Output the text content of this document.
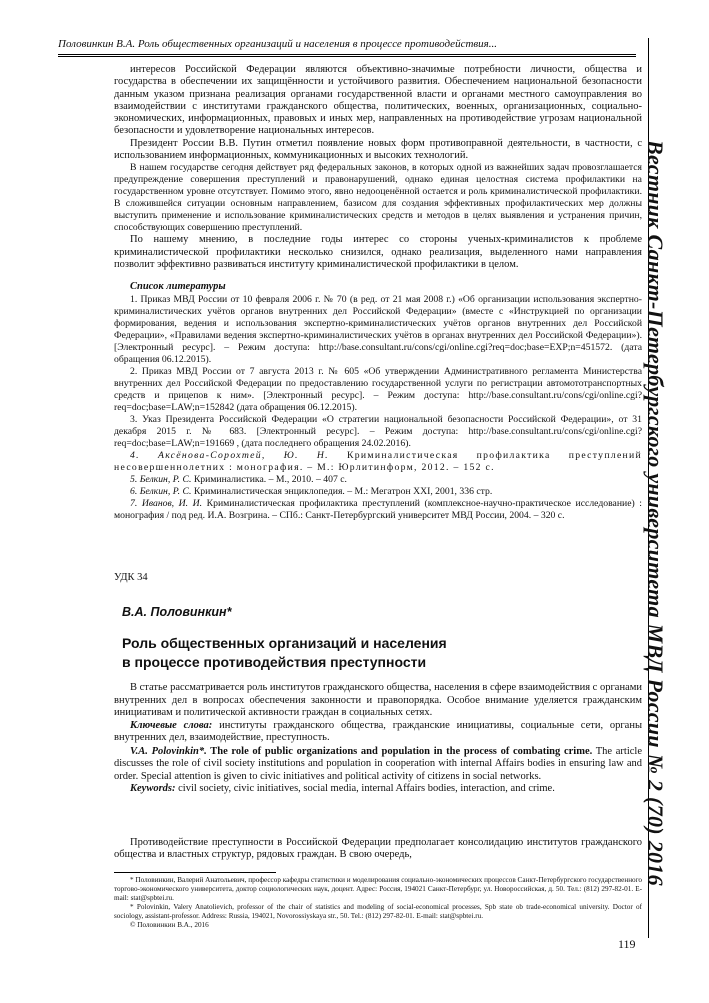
Половинкин В.А. Роль общественных организаций и населения в процессе противодействия...
Вестник Санкт-Петербургского университета МВД России № 2 (70) 2016

интересов Российской Федерации являются объективно-значимые потребности личности, общества и государства в обеспечении их защищённости и устойчивого развития. Обеспечением национальной безопасности данным указом признана реализация органами государственной власти и органами местного самоуправления во взаимодействии с институтами гражданского общества, политических, военных, организационных, социально-экономических, информационных, правовых и иных мер, направленных на противодействие угрозам национальной безопасности и удовлетворение национальных интересов.

Президент России В.В. Путин отметил появление новых форм противоправной деятельности, в частности, с использованием информационных, коммуникационных и высоких технологий.

В нашем государстве сегодня действует ряд федеральных законов, в которых одной из важнейших задач провозглашается предупреждение совершения преступлений и правонарушений, однако единая целостная система профилактики на государственном уровне отсутствует. Помимо этого, явно недооценённой остается и роль криминалистической профилактики. В сложившейся ситуации основным направлением, базисом для создания эффективных профилактических мер должны выступить применение и использование криминалистических средств и методов в целях выявления и устранения причин, способствующих совершению преступлений.

По нашему мнению, в последние годы интерес со стороны ученых-криминалистов к проблеме криминалистической профилактики несколько снизился, однако реализация, выделенного нами направления позволит эффективно развиваться институту криминалистической профилактики в целом.

Список литературы

1. Приказ МВД России от 10 февраля 2006 г. № 70 (в ред. от 21 мая 2008 г.) «Об организации использования экспертно-криминалистических учётов органов внутренних дел Российской Федерации» (вместе с «Инструкцией по организации формирования, ведения и использования экспертно-криминалистических учётов органов внутренних дел Российской Федерации», «Правилами ведения экспертно-криминалистических учётов в органах внутренних дел Российской Федерации»). [Электронный ресурс]. – Режим доступа: http://base.consultant.ru/cons/cgi/online.cgi?req=doc;base=EXP;n=451572. (дата обращения 06.12.2015).

2. Приказ МВД России от 7 августа 2013 г. № 605 «Об утверждении Административного регламента Министерства внутренних дел Российской Федерации по предоставлению государственной услуги по регистрации автомототранспортных средств и прицепов к ним». [Электронный ресурс]. – Режим доступа: http://base.consultant.ru/cons/cgi/online.cgi?req=doc;base=LAW;n=152842 (дата обращения 06.12.2015).

3. Указ Президента Российской Федерации «О стратегии национальной безопасности Российской Федерации», от 31 декабря 2015 г. № 683. [Электронный ресурс]. – Режим доступа: http://base.consultant.ru/cons/cgi/online.cgi?req=doc;base=LAW;n=191669 , (дата последнего обращения 24.02.2016).

4. Аксёнова-Сорохтей, Ю. Н. Криминалистическая профилактика преступлений несовершеннолетних : монография. – М.: Юрлитинформ, 2012. – 152 с.

5. Белкин, Р. С. Криминалистика. – М., 2010. – 407 с.

6. Белкин, Р. С. Криминалистическая энциклопедия. – М.: Мегатрон XXI, 2001, 336 стр.

7. Иванов, И. И. Криминалистическая профилактика преступлений (комплексное-научно-практическое исследование) : монография / под ред. И.А. Возгрина. – СПб.: Санкт-Петербургский университет МВД России, 2004. – 320 с.

УДК 34
В.А. Половинкин*
Роль общественных организаций и населения
в процессе противодействия преступности

В статье рассматривается роль институтов гражданского общества, населения в сфере взаимодействия с органами внутренних дел в вопросах обеспечения законности и правопорядка. Особое внимание уделяется гражданским инициативам и политической активности граждан в социальных сетях.

Ключевые слова: институты гражданского общества, гражданские инициативы, социальные сети, органы внутренних дел, взаимодействие, преступность.

V.A. Polovinkin*. The role of public organizations and population in the process of combating crime. The article discusses the role of civil society institutions and population in cooperation with internal Affairs bodies in ensuring law and order. Special attention is given to civic initiatives and political activity of citizens in social networks.

Keywords: civil society, civic initiatives, social media, internal Affairs bodies, interaction, and crime.

Противодействие преступности в Российской Федерации предполагает консолидацию институтов гражданского общества и властных структур, рядовых граждан. В свою очередь,

* Половинкин, Валерий Анатольевич, профессор кафедры статистики и моделирования социально-экономических процессов Санкт-Петербургского государственного торгово-экономического университета, доктор социологических наук, доцент. Адрес: Россия, 194021 Санкт-Петербург, ул. Новороссийская, д. 50. Тел.: (812) 297-82-01. E-mail: stat@spbtei.ru.

* Polovinkin, Valery Anatolievich, professor of the chair of statistics and modeling of social-economical processes, Spb state ob trade-economical university. Doctor of sociology, assistant-professor. Address: Russia, 194021, Novorossiyskaya str., 50. Tel.: (812) 297-82-01. E-mail: stat@spbtei.ru.

© Половинкин В.А., 2016

119
